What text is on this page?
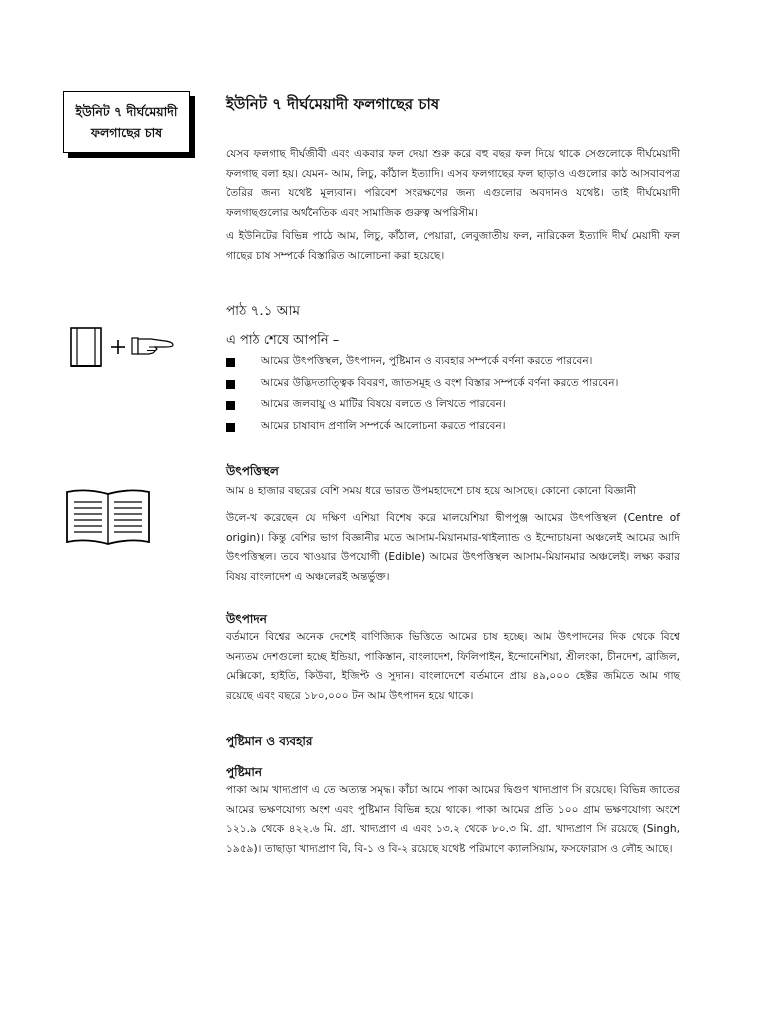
ইউনিট ৭ দীর্ঘমেয়াদী
ফলগাছের চাষ
ইউনিট ৭ দীর্ঘমেয়াদী ফলগাছের চাষ

যেসব ফলগাছ দীর্ঘজীবী এবং একবার ফল দেয়া শুরু করে বহু বছর ফল দিয়ে থাকে সেগুলোকে দীর্ঘমেয়াদী ফলগাছ বলা হয়। যেমন- আম, লিচু, কাঁঠাল ইত্যাদি। এসব ফলগাছের ফল ছাড়াও এগুলোর কাঠ আসবাবপত্র তৈরির জন্য যথেষ্ট মূল্যবান। পরিবেশ সংরক্ষণের জন্য এগুলোর অবদানও যথেষ্ট। তাই দীর্ঘমেয়াদী ফলগাছগুলোর অর্থনৈতিক এবং সামাজিক গুরুত্ব অপরিসীম।

এ ইউনিটের বিভিন্ন পাঠে আম, লিচু, কাঁঠাল, পেয়ারা, লেবুজাতীয় ফল, নারিকেল ইত্যাদি দীর্ঘ মেয়াদী ফল গাছের চাষ সম্পর্কে বিস্তারিত আলোচনা করা হয়েছে।

পাঠ ৭.১ আম
এ পাঠ শেষে আপনি –
আমের উৎপত্তিস্থল, উৎপাদন, পুষ্টিমান ও ব্যবহার সম্পর্কে বর্ণনা করতে পারবেন।
আমের উদ্ভিদতাত্ত্বিক বিবরণ, জাতসমূহ ও বংশ বিস্তার সম্পর্কে বর্ণনা করতে পারবেন।
আমের জলবায়ু ও মাটির বিষয়ে বলতে ও লিখতে পারবেন।
আমের চাষাবাদ প্রণালি সম্পর্কে আলোচনা করতে পারবেন।
উৎপত্তিস্থল

আম ৪ হাজার বছরের বেশি সময় ধরে ভারত উপমহাদেশে চাষ হয়ে আসছে। কোনো কোনো বিজ্ঞানী

উলে-খ করেছেন যে দক্ষিণ এশিয়া বিশেষ করে মালয়েশিয়া দ্বীপপুঞ্জ আমের উৎপত্তিস্থল (Centre of origin)। কিন্তু বেশির ভাগ বিজ্ঞানীর মতে আসাম-মিয়ানমার-থাইল্যান্ড ও ইন্দোচায়না অঞ্চলেই আমের আদি উৎপত্তিস্থল। তবে খাওয়ার উপযোগী (Edible) আমের উৎপত্তিস্থল আসাম-মিয়ানমার অঞ্চলেই। লক্ষ্য করার বিষয় বাংলাদেশ এ অঞ্চলেরই অন্তর্ভুক্ত।

উৎপাদন

বর্তমানে বিশ্বের অনেক দেশেই বাণিজ্যিক ভিত্তিতে আমের চাষ হচ্ছে। আম উৎপাদনের দিক থেকে বিশ্বে অন্যতম দেশগুলো হচ্ছে ইন্ডিয়া, পাকিস্তান, বাংলাদেশ, ফিলিপাইন, ইন্দোনেশিয়া, শ্রীলংকা, চীনদেশ, ব্রাজিল, মেক্সিকো, হাইতি, কিউবা, ইজিপ্ট ও সুদান। বাংলাদেশে বর্তমানে প্রায় ৪৯,০০০ হেক্টর জমিতে আম গাছ রয়েছে এবং বছরে ১৮০,০০০ টন আম উৎপাদন হয়ে থাকে।

পুষ্টিমান ও ব্যবহার
পুষ্টিমান

পাকা আম খাদ্যপ্রাণ এ তে অত্যন্ত সমৃদ্ধ। কাঁচা আমে পাকা আমের দ্বিগুণ খাদ্যপ্রাণ সি রয়েছে। বিভিন্ন জাতের আমের ভক্ষণযোগ্য অংশ এবং পুষ্টিমান বিভিন্ন হয়ে থাকে। পাকা আমের প্রতি ১০০ গ্রাম ভক্ষণযোগ্য অংশে ১২১.৯ থেকে ৪২২.৬ মি. গ্রা. খাদ্যপ্রাণ এ এবং ১৩.২ থেকে ৮০.৩ মি. গ্রা. খাদ্যপ্রাণ সি রয়েছে (Singh, ১৯৫৯)। তাছাড়া খাদ্যপ্রাণ বি, বি-১ ও বি-২ রয়েছে যথেষ্ট পরিমাণে ক্যালসিয়াম, ফসফোরাস ও লৌহ আছে।
